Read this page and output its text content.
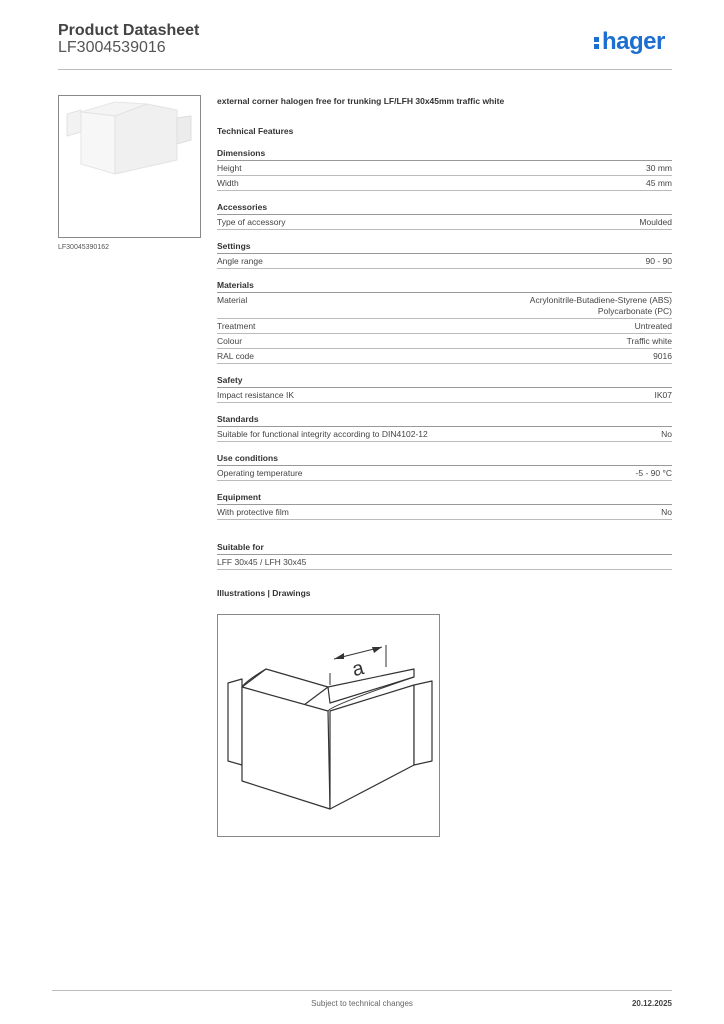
Product Datasheet
LF3004539016	hager
LF30045390162
external corner halogen free for trunking LF/LFH 30x45mm traffic white
Technical Features
Dimensions
Height	30 mm
Width	45 mm
Accessories
Type of accessory	Moulded
Settings
Angle range	90 - 90
Materials
Material	Acrylonitrile-Butadiene-Styrene (ABS)
Polycarbonate (PC)
Treatment	Untreated
Colour	Traffic white
RAL code	9016
Safety
Impact resistance IK	IK07
Standards
Suitable for functional integrity according to DIN4102-12	No
Use conditions
Operating temperature	-5 - 90 °C
Equipment
With protective film	No
Suitable for
LFF 30x45 / LFH 30x45
Illustrations | Drawings
a
Subject to technical changes	20.12.2025
